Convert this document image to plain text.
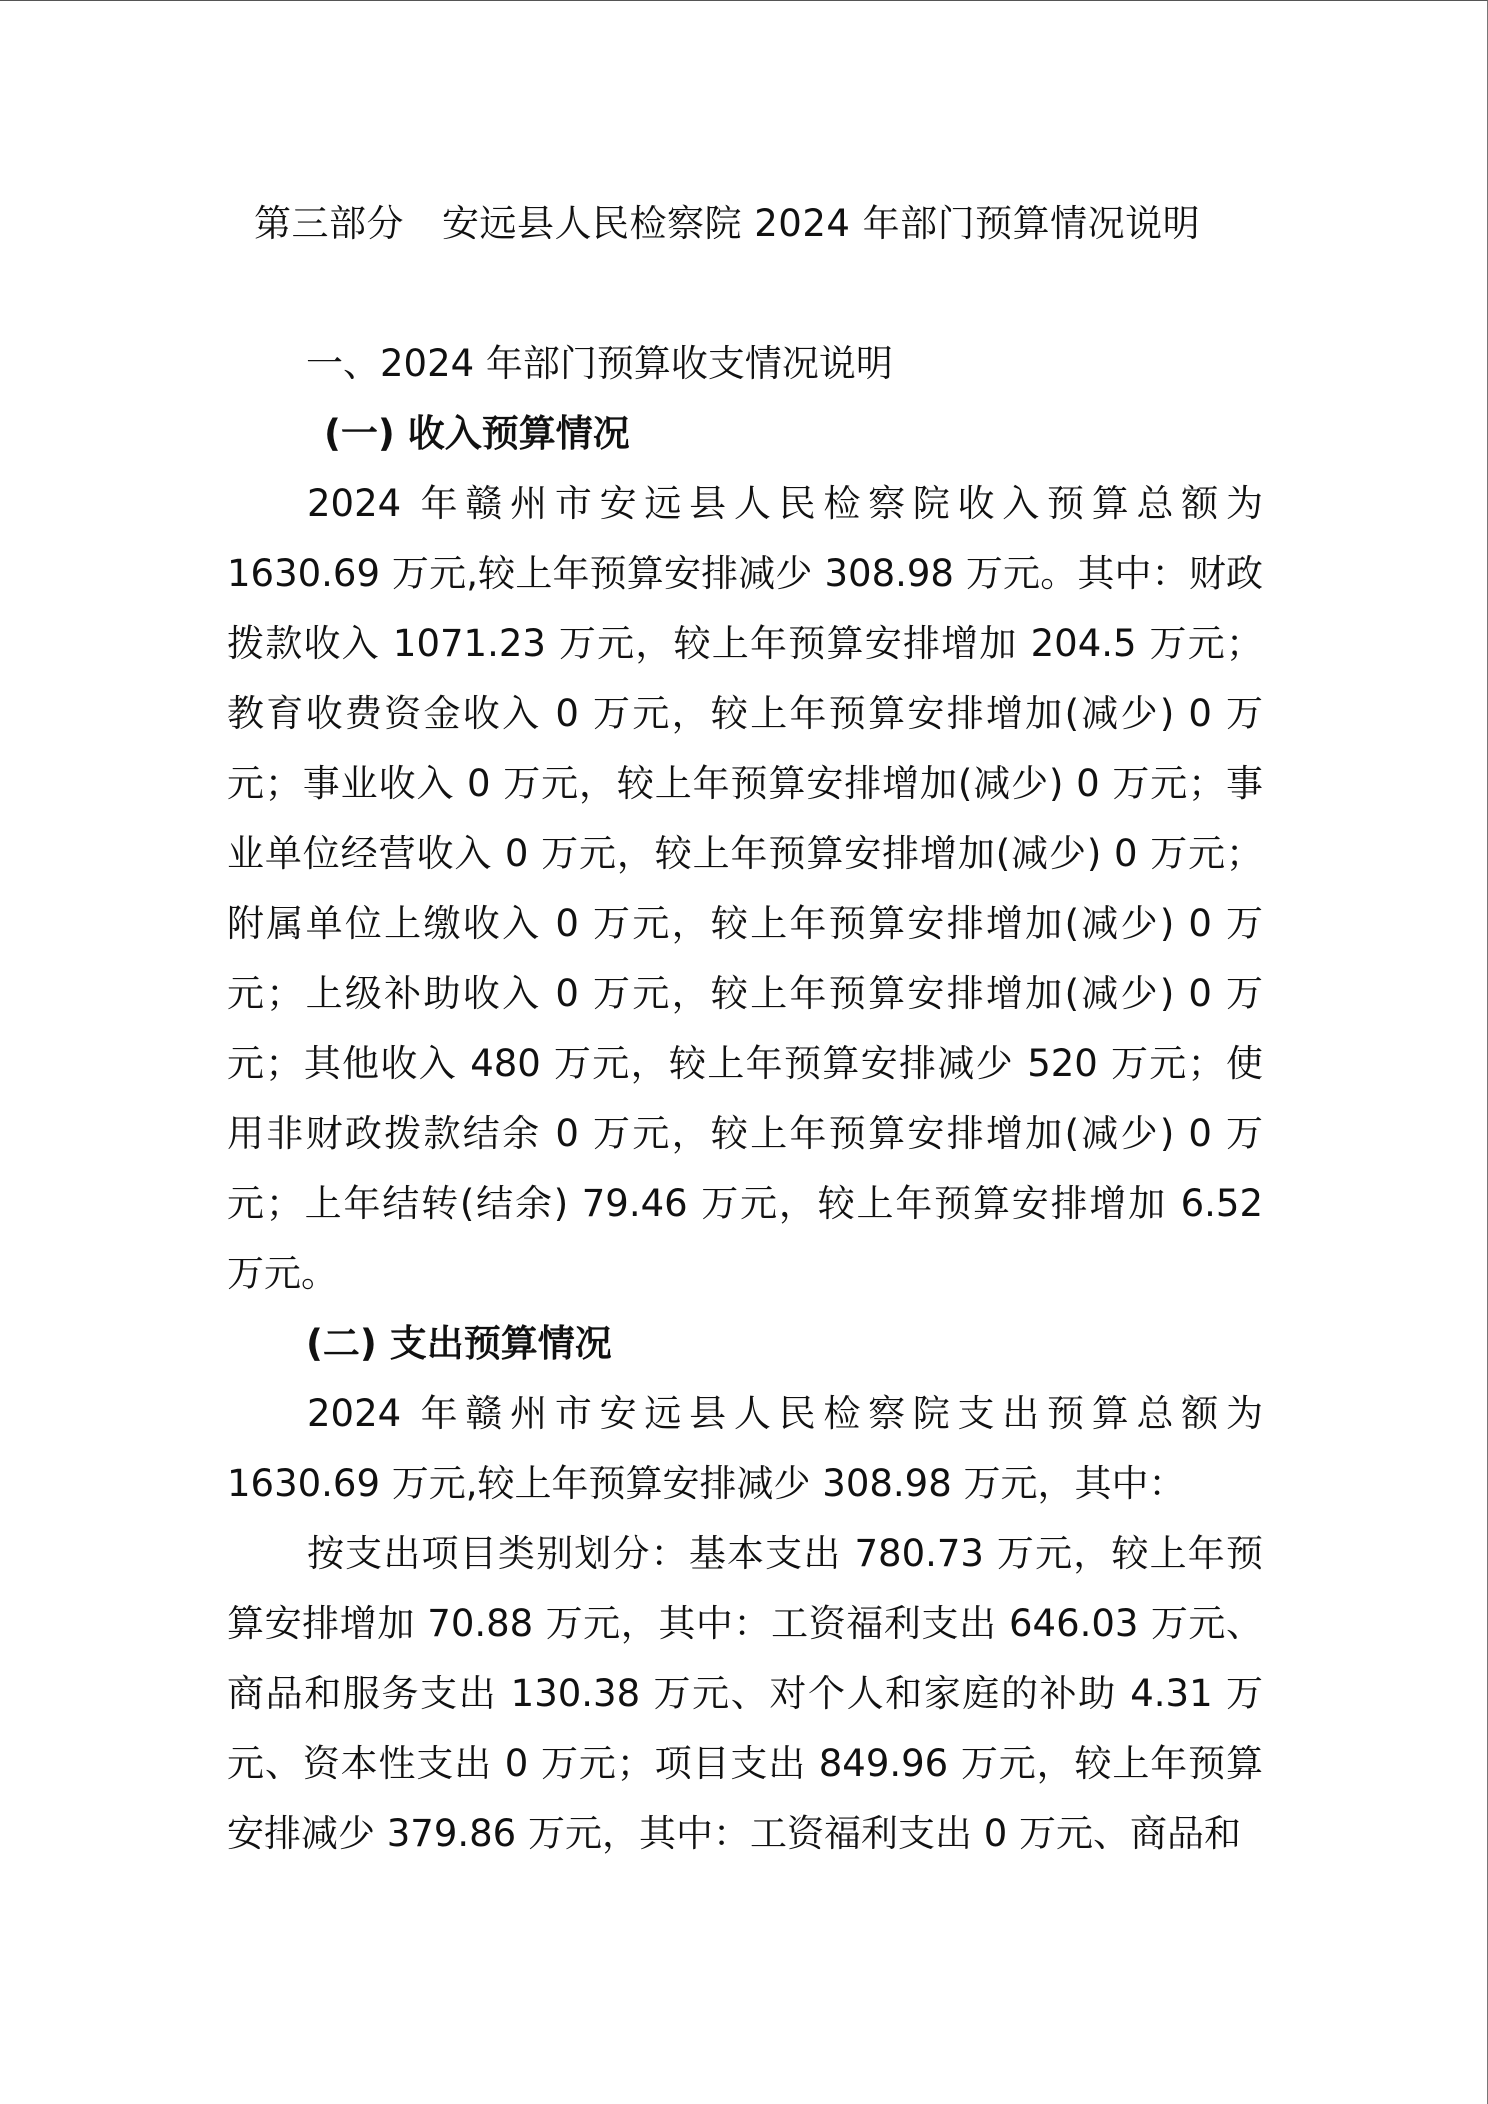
第三部分 安远县人民检察院 2024 年部门预算情况说明
一、2024 年部门预算收支情况说明
(一) 收入预算情况

2024 年赣州市安远县人民检察院收入预算总额为1630.69 万元,较上年预算安排减少 308.98 万元。其中：财政拨款收入 1071.23 万元，较上年预算安排增加 204.5 万元；教育收费资金收入 0 万元，较上年预算安排增加(减少) 0 万元；事业收入 0 万元，较上年预算安排增加(减少) 0 万元；事业单位经营收入 0 万元，较上年预算安排增加(减少) 0 万元；附属单位上缴收入 0 万元，较上年预算安排增加(减少) 0 万元；上级补助收入 0 万元，较上年预算安排增加(减少) 0 万元；其他收入 480 万元，较上年预算安排减少 520 万元；使用非财政拨款结余 0 万元，较上年预算安排增加(减少) 0 万元；上年结转(结余) 79.46 万元，较上年预算安排增加 6.52 万元。

(二) 支出预算情况

2024 年赣州市安远县人民检察院支出预算总额为1630.69 万元,较上年预算安排减少 308.98 万元，其中：

按支出项目类别划分：基本支出 780.73 万元，较上年预算安排增加 70.88 万元，其中：工资福利支出 646.03 万元、商品和服务支出 130.38 万元、对个人和家庭的补助 4.31 万元、资本性支出 0 万元；项目支出 849.96 万元，较上年预算安排减少 379.86 万元，其中：工资福利支出 0 万元、商品和
